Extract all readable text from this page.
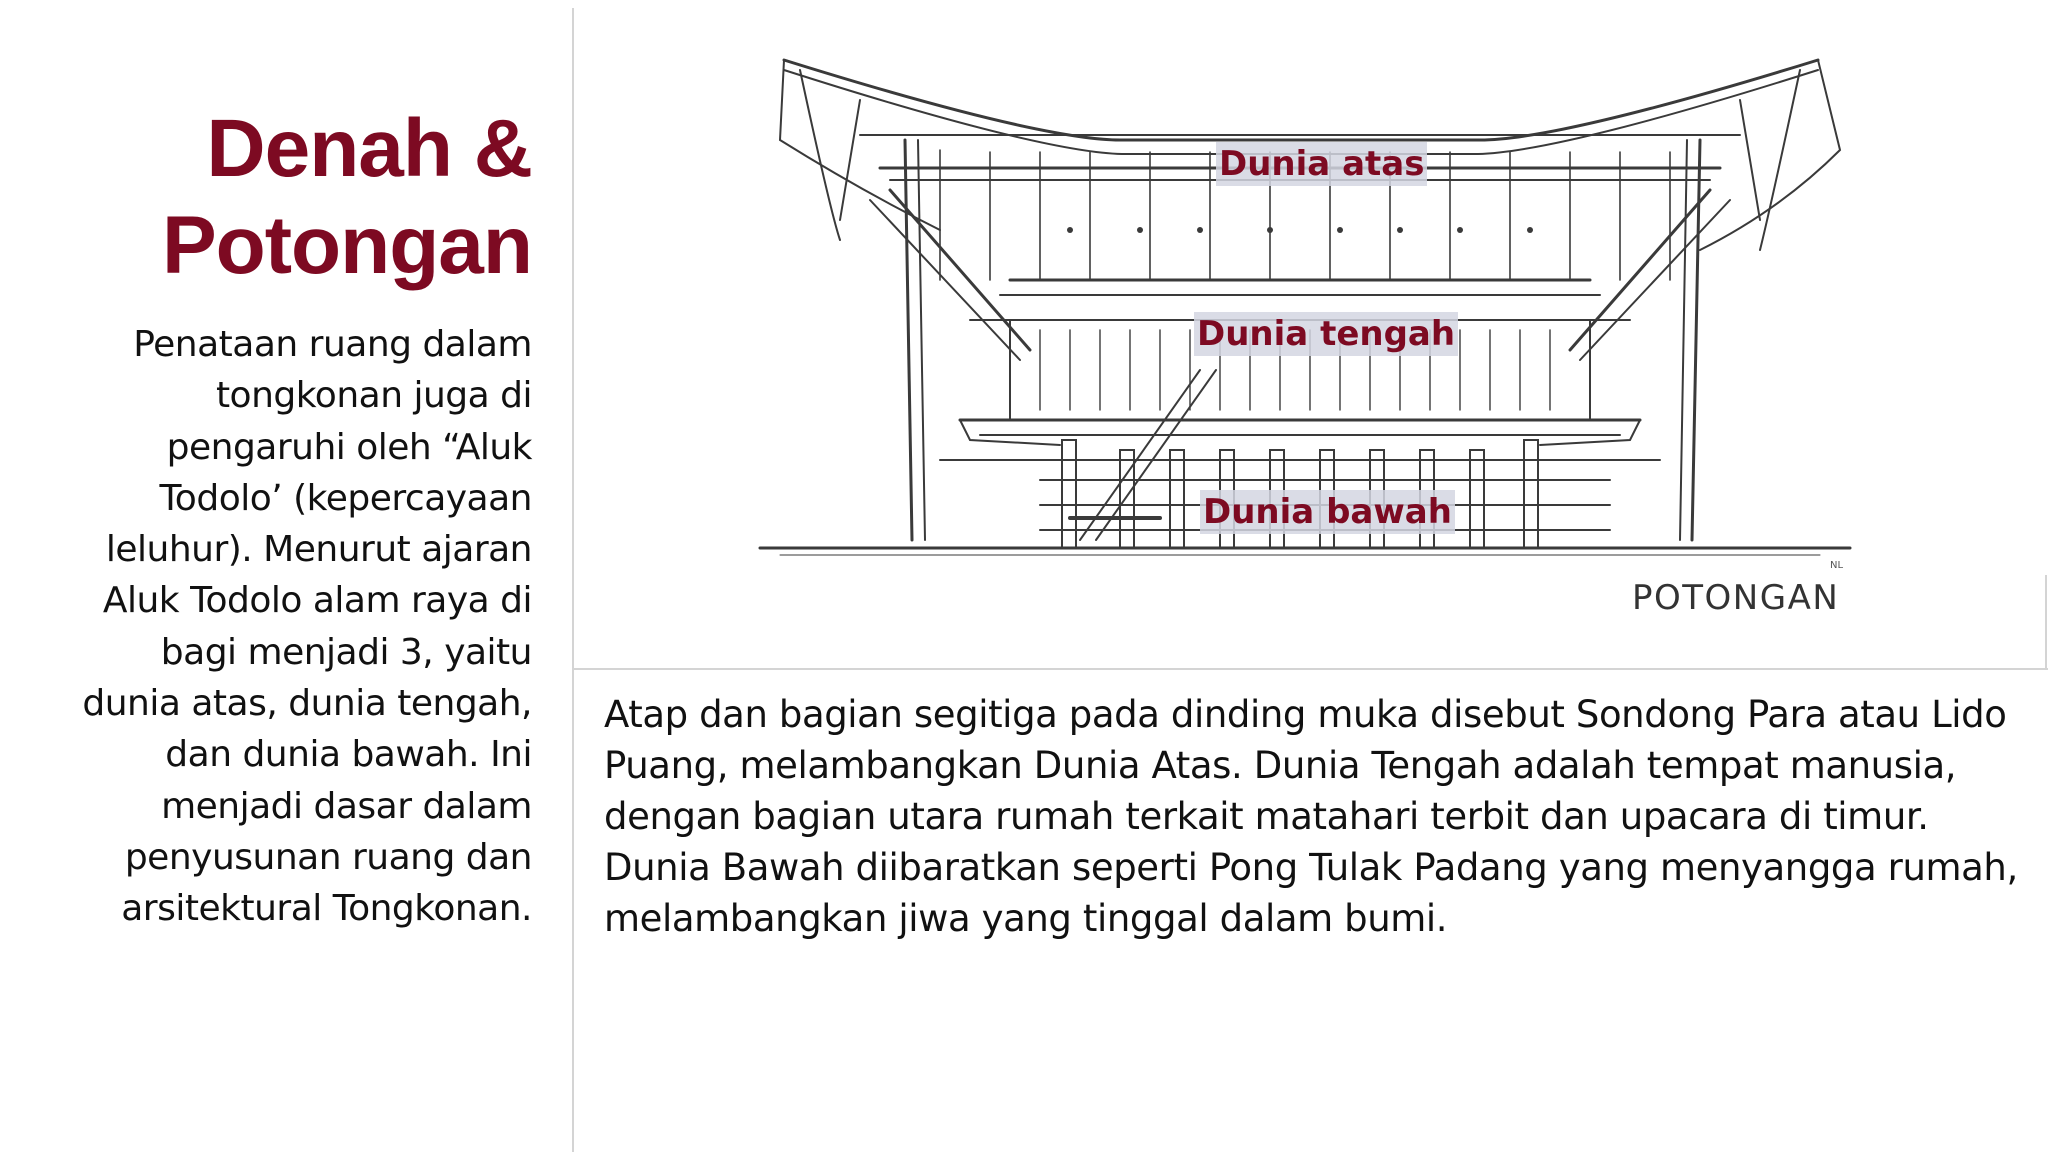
Denah & Potongan

Penataan ruang dalam tongkonan juga di pengaruhi oleh “Aluk Todolo’ (kepercayaan leluhur). Menurut ajaran Aluk Todolo alam raya di bagi menjadi 3, yaitu dunia atas, dunia tengah, dan dunia bawah. Ini menjadi dasar dalam penyusunan ruang dan arsitektural Tongkonan.

NL
Dunia atas
Dunia tengah
Dunia bawah
POTONGAN

Atap dan bagian segitiga pada dinding muka disebut Sondong Para atau Lido Puang, melambangkan Dunia Atas. Dunia Tengah adalah tempat manusia, dengan bagian utara rumah terkait matahari terbit dan upacara di timur. Dunia Bawah diibaratkan seperti Pong Tulak Padang yang menyangga rumah, melambangkan jiwa yang tinggal dalam bumi.
